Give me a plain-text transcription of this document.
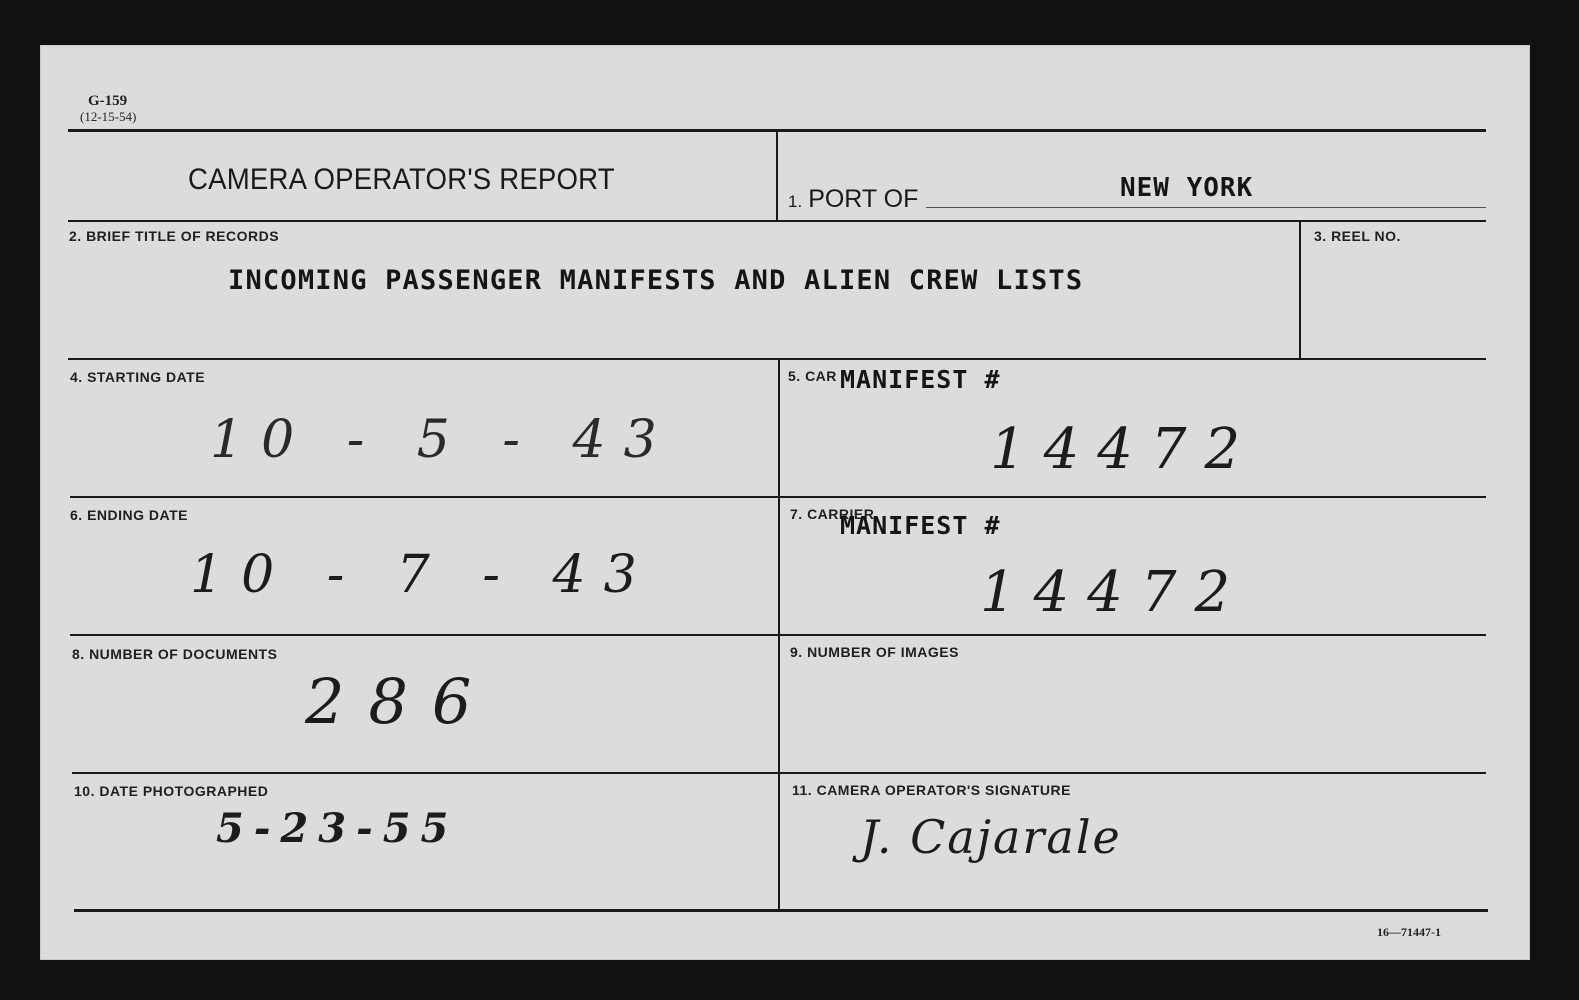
G-159
(12-15-54)
CAMERA OPERATOR'S REPORT
1. PORT OF	NEW YORK
2. BRIEF TITLE OF RECORDS
INCOMING PASSENGER MANIFESTS AND ALIEN CREW LISTS
3. REEL NO.
4. STARTING DATE
10 - 5 - 43
5. CAR MANIFEST #
14472
6. ENDING DATE
10 - 7 - 43
7. CARRIER
MANIFEST #
14472
8. NUMBER OF DOCUMENTS
286
9. NUMBER OF IMAGES
10. DATE PHOTOGRAPHED
5-23-55
11. CAMERA OPERATOR'S SIGNATURE
J. Cajarale
16—71447-1
